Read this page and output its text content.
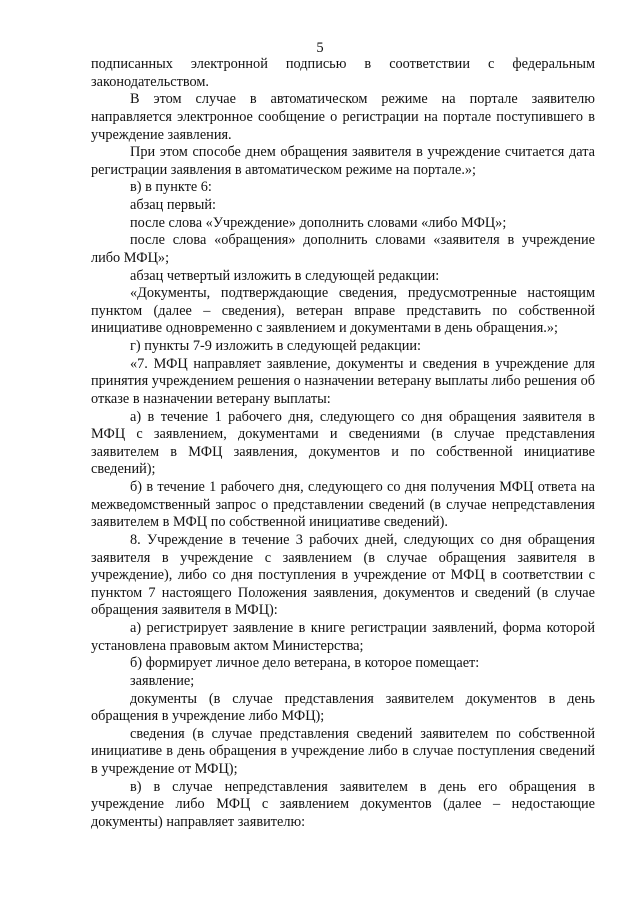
5

подписанных электронной подписью в соответствии с федеральным законодательством.

В этом случае в автоматическом режиме на портале заявителю направляется электронное сообщение о регистрации на портале поступившего в учреждение заявления.

При этом способе днем обращения заявителя в учреждение считается дата регистрации заявления в автоматическом режиме на портале.»;

в) в пункте 6:

абзац первый:

после слова «Учреждение» дополнить словами «либо МФЦ»;

после слова «обращения» дополнить словами «заявителя в учреждение либо МФЦ»;

абзац четвертый изложить в следующей редакции:

«Документы, подтверждающие сведения, предусмотренные настоящим пунктом (далее – сведения), ветеран вправе представить по собственной инициативе одновременно с заявлением и документами в день обращения.»;

г) пункты 7-9 изложить в следующей редакции:

«7. МФЦ направляет заявление, документы и сведения в учреждение для принятия учреждением решения о назначении ветерану выплаты либо решения об отказе в назначении ветерану выплаты:

а) в течение 1 рабочего дня, следующего со дня обращения заявителя в МФЦ с заявлением, документами и сведениями (в случае представления заявителем в МФЦ заявления, документов и по собственной инициативе сведений);

б) в течение 1 рабочего дня, следующего со дня получения МФЦ ответа на межведомственный запрос о представлении сведений (в случае непредставления заявителем в МФЦ по собственной инициативе сведений).

8. Учреждение в течение 3 рабочих дней, следующих со дня обращения заявителя в учреждение с заявлением (в случае обращения заявителя в учреждение), либо со дня поступления в учреждение от МФЦ в соответствии с пунктом 7 настоящего Положения заявления, документов и сведений (в случае обращения заявителя в МФЦ):

а) регистрирует заявление в книге регистрации заявлений, форма которой установлена правовым актом Министерства;

б) формирует личное дело ветерана, в которое помещает:

заявление;

документы (в случае представления заявителем документов в день обращения в учреждение либо МФЦ);

сведения (в случае представления сведений заявителем по собственной инициативе в день обращения в учреждение либо в случае поступления сведений в учреждение от МФЦ);

в) в случае непредставления заявителем в день его обращения в учреждение либо МФЦ с заявлением документов (далее – недостающие документы) направляет заявителю:
